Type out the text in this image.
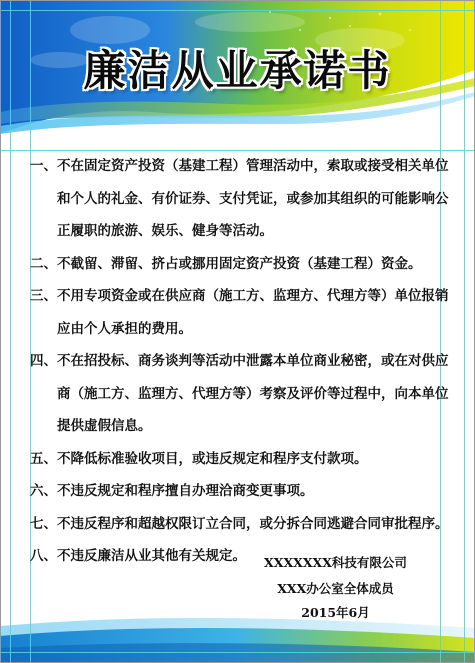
廉洁从业承诺书
一、 不在固定资产投资（基建工程）管理活动中，索取或接受相关单位和个人的礼金、有价证券、支付凭证，或参加其组织的可能影响公正履职的旅游、娱乐、健身等活动。
二、 不截留、滞留、挤占或挪用固定资产投资（基建工程）资金。
三、 不用专项资金或在供应商（施工方、监理方、代理方等）单位报销应由个人承担的费用。
四、 不在招投标、商务谈判等活动中泄露本单位商业秘密，或在对供应商（施工方、监理方、代理方等）考察及评价等过程中，向本单位提供虚假信息。
五、 不降低标准验收项目，或违反规定和程序支付款项。
六、 不违反规定和程序擅自办理洽商变更事项。
七、 不违反程序和超越权限订立合同，或分拆合同逃避合同审批程序。
八、 不违反廉洁从业其他有关规定。	XXXXXXX科技有限公司
XXX办公室全体成员
2015年6月
